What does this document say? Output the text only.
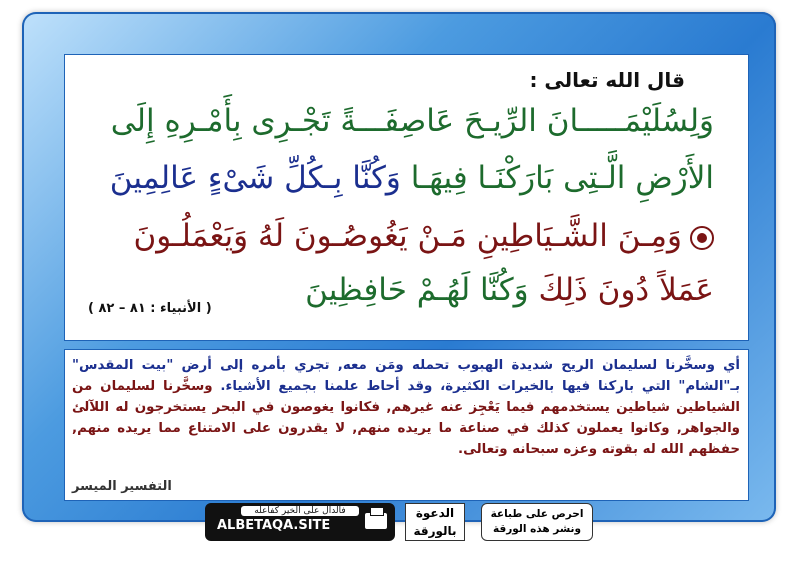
قال الله تعالى :
وَلِسُلَيْمَـــــانَ الرِّيـحَ عَاصِفَـــةً تَجْـرِى بِأَمْـرِهِ إِلَى
الأَرْضِ الَّـتِى بَارَكْنَـا فِيهَـا وَكُنَّا بِـكُلِّ شَىْءٍ عَالِمِينَ
وَمِـنَ الشَّـيَاطِينِ مَـنْ يَغُوصُـونَ لَهُ وَيَعْمَلُـونَ
عَمَلاً دُونَ ذَلِكَ وَكُنَّا لَهُـمْ حَافِظِينَ
( الأنبياء : ٨١ – ٨٢ )
أي وسخَّرنا لسليمان الريح شديدة الهبوب تحمله ومَن معه, تجري بأمره إلى أرض "بيت المقدس" بـ"الشام" التي باركنا فيها بالخيرات الكثيرة، وقد أحاط علمنا بجميع الأشياء. وسخَّرنا لسليمان من الشياطين شياطين يستخدمهم فيما يَعْجِز عنه غيرهم, فكانوا يغوصون في البحر يستخرجون له اللآلئ والجواهر, وكانوا يعملون كذلك في صناعة ما يريده منهم, لا يقدرون على الامتناع مما يريده منهم, حفظهم الله له بقوته وعزه سبحانه وتعالى.
التفسير الميسر
احرص على طباعة
ونشر هذه الورقة
الدعوة
بالورقة
فالدال على الخير كفاعله
ALBETAQA.SITE
